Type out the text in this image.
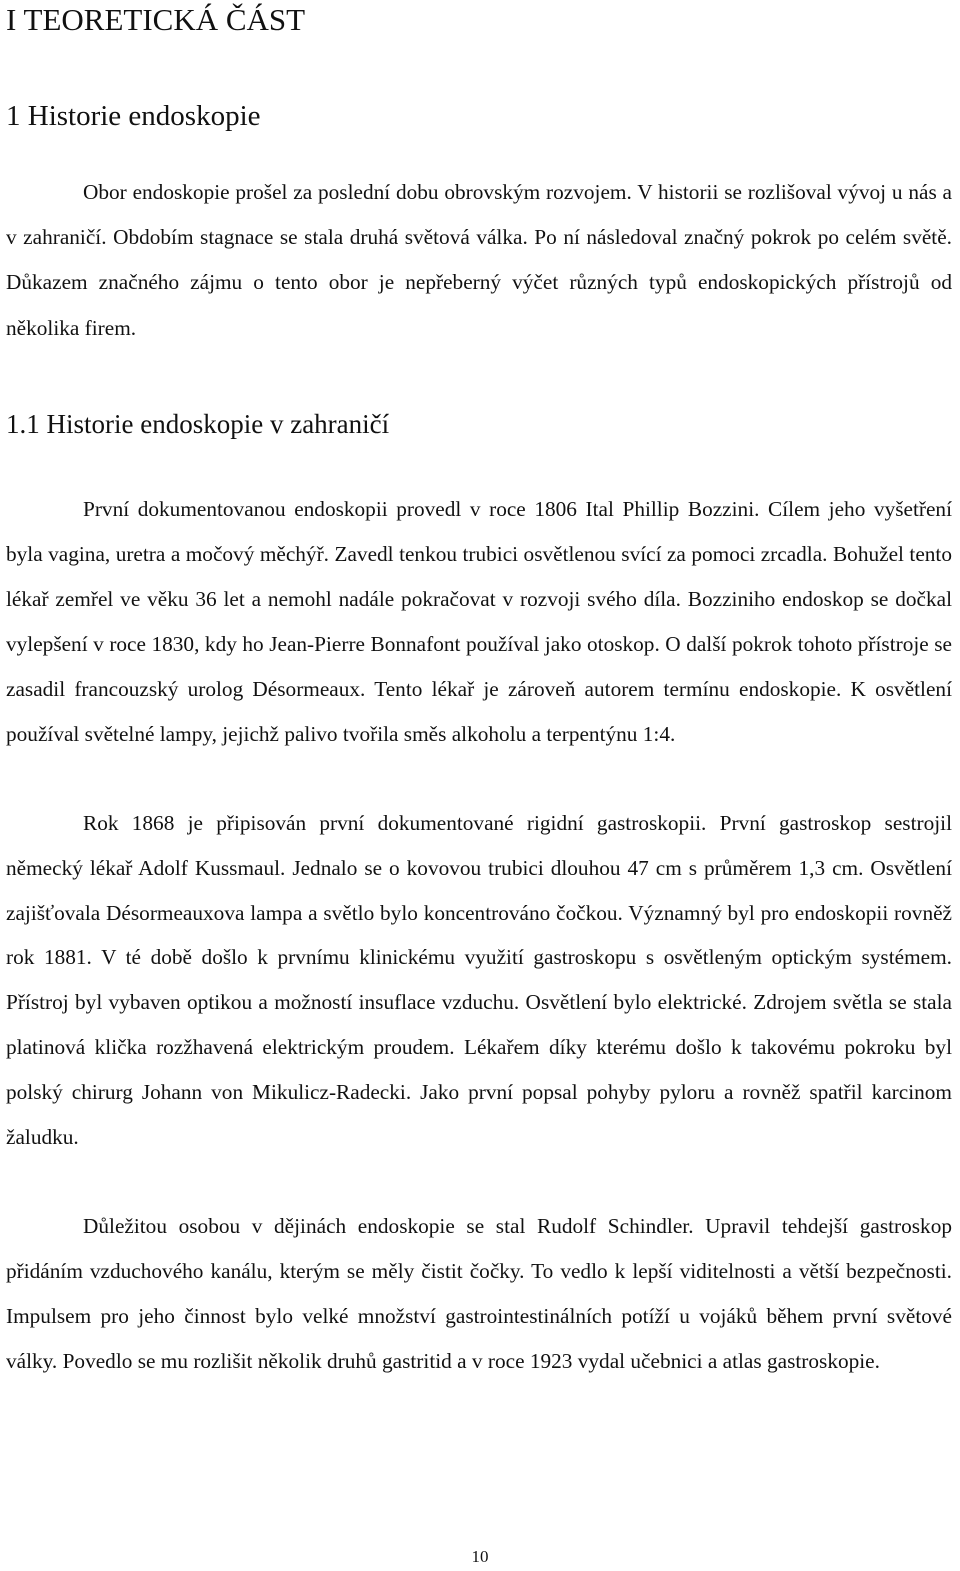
I TEORETICKÁ ČÁST
1 Historie endoskopie

Obor endoskopie prošel za poslední dobu obrovským rozvojem. V historii se rozlišoval vývoj u nás a v zahraničí. Obdobím stagnace se stala druhá světová válka. Po ní následoval značný pokrok po celém světě. Důkazem značného zájmu o tento obor je nepřeberný výčet různých typů endoskopických přístrojů od několika firem.

1.1 Historie endoskopie v zahraničí

První dokumentovanou endoskopii provedl v roce 1806 Ital Phillip Bozzini. Cílem jeho vyšetření byla vagina, uretra a močový měchýř. Zavedl tenkou trubici osvětlenou svící za pomoci zrcadla. Bohužel tento lékař zemřel ve věku 36 let a nemohl nadále pokračovat v rozvoji svého díla. Bozziniho endoskop se dočkal vylepšení v roce 1830, kdy ho Jean-Pierre Bonnafont používal jako otoskop. O další pokrok tohoto přístroje se zasadil francouzský urolog Désormeaux. Tento lékař je zároveň autorem termínu endoskopie. K osvětlení používal světelné lampy, jejichž palivo tvořila směs alkoholu a terpentýnu 1:4.

Rok 1868 je připisován první dokumentované rigidní gastroskopii. První gastroskop sestrojil německý lékař Adolf Kussmaul. Jednalo se o kovovou trubici dlouhou 47 cm s průměrem 1,3 cm. Osvětlení zajišťovala Désormeauxova lampa a světlo bylo koncentrováno čočkou. Významný byl pro endoskopii rovněž rok 1881. V té době došlo k prvnímu klinickému využití gastroskopu s osvětleným optickým systémem. Přístroj byl vybaven optikou a možností insuflace vzduchu. Osvětlení bylo elektrické. Zdrojem světla se stala platinová klička rozžhavená elektrickým proudem. Lékařem díky kterému došlo k takovému pokroku byl polský chirurg Johann von Mikulicz-Radecki. Jako první popsal pohyby pyloru a rovněž spatřil karcinom žaludku.

Důležitou osobou v dějinách endoskopie se stal Rudolf Schindler. Upravil tehdejší gastroskop přidáním vzduchového kanálu, kterým se měly čistit čočky. To vedlo k lepší viditelnosti a větší bezpečnosti. Impulsem pro jeho činnost bylo velké množství gastrointestinálních potíží u vojáků během první světové války. Povedlo se mu rozlišit několik druhů gastritid a v roce 1923 vydal učebnici a atlas gastroskopie.

10
